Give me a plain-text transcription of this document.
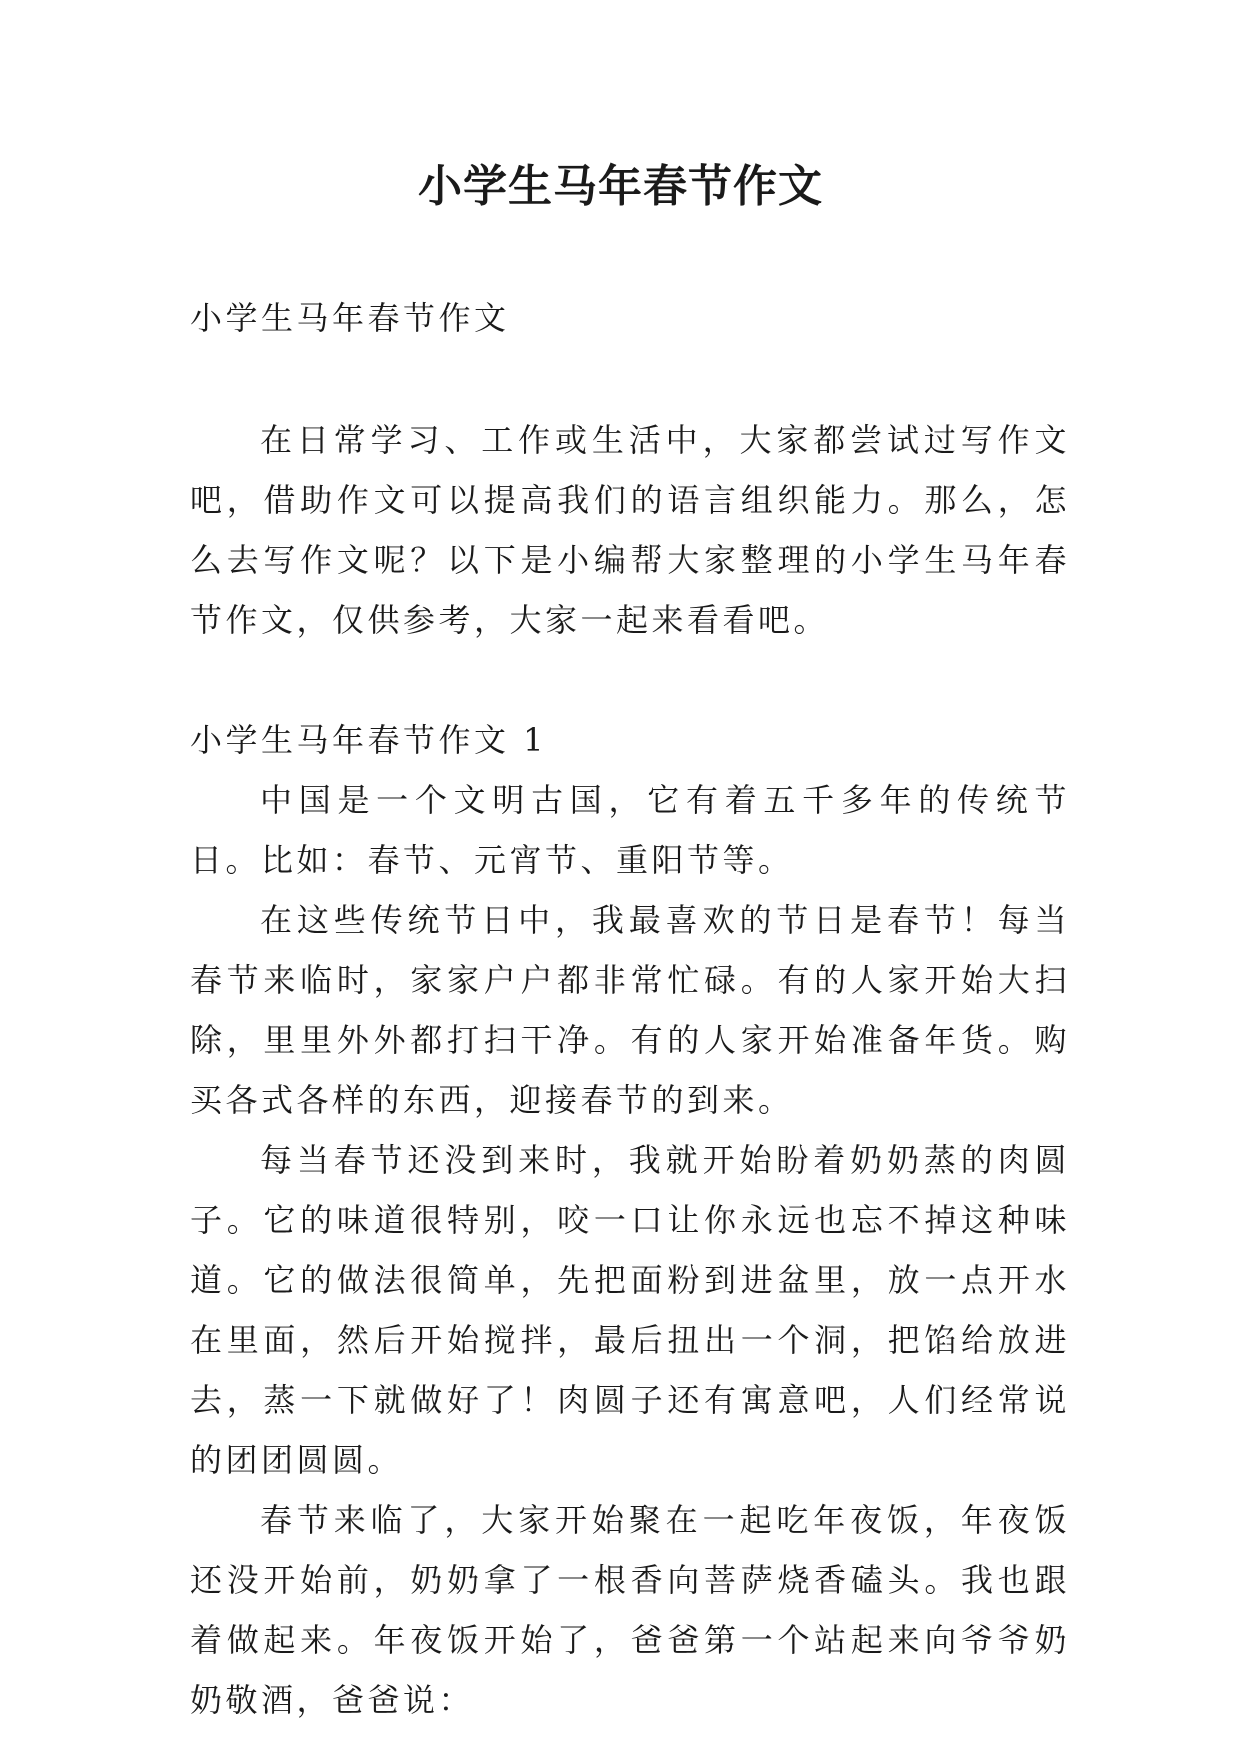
小学生马年春节作文

小学生马年春节作文

在日常学习、工作或生活中，大家都尝试过写作文吧，借助作文可以提高我们的语言组织能力。那么，怎么去写作文呢？以下是小编帮大家整理的小学生马年春节作文，仅供参考，大家一起来看看吧。

小学生马年春节作文 1

中国是一个文明古国，它有着五千多年的传统节日。比如：春节、元宵节、重阳节等。

在这些传统节日中，我最喜欢的节日是春节！每当春节来临时，家家户户都非常忙碌。有的人家开始大扫除，里里外外都打扫干净。有的人家开始准备年货。购买各式各样的东西，迎接春节的到来。

每当春节还没到来时，我就开始盼着奶奶蒸的肉圆子。它的味道很特别，咬一口让你永远也忘不掉这种味道。它的做法很简单，先把面粉到进盆里，放一点开水在里面，然后开始搅拌，最后扭出一个洞，把馅给放进去，蒸一下就做好了！肉圆子还有寓意吧，人们经常说的团团圆圆。

春节来临了，大家开始聚在一起吃年夜饭，年夜饭还没开始前，奶奶拿了一根香向菩萨烧香磕头。我也跟着做起来。年夜饭开始了，爸爸第一个站起来向爷爷奶奶敬酒，爸爸说：
